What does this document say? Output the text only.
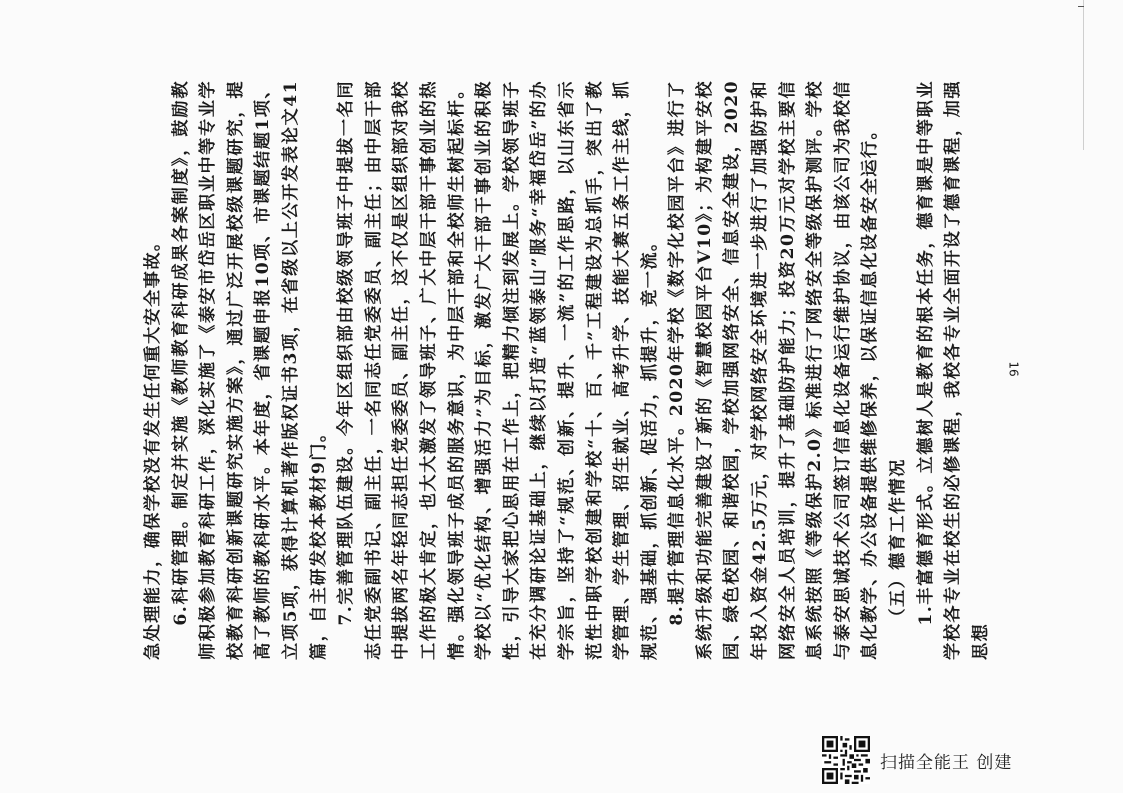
急处理能力，确保学校没有发生任何重大安全事故。 6.科研管理。制定并实施《教师教育科研成果各案制度》，鼓励教师积极参加教育科研工作，深化实施了《泰安市岱岳区职业中等专业学校教育科研创新课题研究实施方案》，通过广泛开展校级课题研究，提高了教师的教科研水平。本年度，省课题申报10项、市课题结题1项、立项5项，获得计算机著作版权证书3项，在省级以上公开发表论文41篇，自主研发校本教材9门。 7.完善管理队伍建设。今年区组织部由校级领导班子中提拔一名同志任党委副书记、副主任，一名同志任党委委员、副主任；由中层干部中提拔两名年轻同志担任党委委员、副主任，这不仅是区组织部对我校工作的极大肯定，也大大激发了领导班子、广大中层干部干事创业的热情。强化领导班子成员的服务意识，为中层干部和全校师生树起标杆。学校以“优化结构、增强活力”为目标，激发广大干部干事创业的积极性，引导大家把心思用在工作上，把精力倾注到发展上。学校领导班子在充分调研论证基础上，继续以打造“蓝领泰山”服务“幸福岱岳”的办学宗旨，坚持了“规范、创新、提升、一流”的工作思路，以山东省示范性中职学校创建和学校“十、百、千”工程建设为总抓手，突出了教学管理、学生管理、招生就业、高考升学、技能大赛五条工作主线，抓规范、强基础，抓创新、促活力，抓提升，竞一流。 8.提升管理信息化水平。2020年学校《数字化校园平台》进行了系统升级和功能完善建设了新的《智慧校园平台V10》；为构建平安校园、绿色校园、和谐校园，学校加强网络安全、信息安全建设，2020年投入资金42.5万元，对学校网络安全环境进一步进行了加强防护和网络安全人员培训，提升了基础防护能力；投资20万元对学校主要信息系统按照《等级保护2.0》标准进行了网络安全等级保护测评。学校与泰安思诚技术公司签订信息化设备运行维护协议，由该公司为我校信息化教学、办公设备提供维修保养，以保证信息化设备安全运行。 （五）德育工作情况 1.丰富德育形式。立德树人是教育的根本任务，德育课是中等职业学校各专业在校生的必修课程，我校各专业全面开设了德育课程，加强思想

16
扫描全能王 创建
